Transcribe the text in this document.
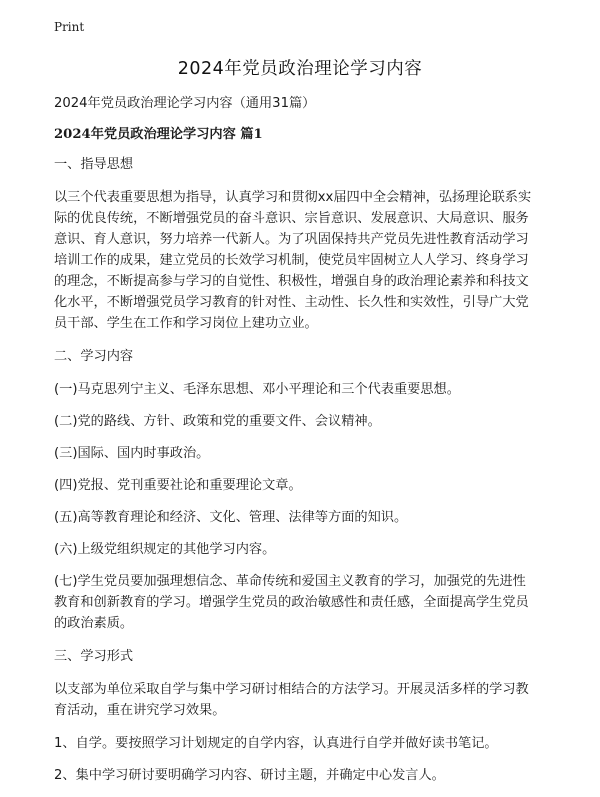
Print
2024年党员政治理论学习内容

2024年党员政治理论学习内容（通用31篇）

2024年党员政治理论学习内容 篇1

一、指导思想

以三个代表重要思想为指导，认真学习和贯彻xx届四中全会精神，弘扬理论联系实
际的优良传统，不断增强党员的奋斗意识、宗旨意识、发展意识、大局意识、服务
意识、育人意识，努力培养一代新人。为了巩固保持共产党员先进性教育活动学习
培训工作的成果，建立党员的长效学习机制，使党员牢固树立人人学习、终身学习
的理念，不断提高参与学习的自觉性、积极性，增强自身的政治理论素养和科技文
化水平，不断增强党员学习教育的针对性、主动性、长久性和实效性，引导广大党
员干部、学生在工作和学习岗位上建功立业。

二、学习内容

(一)马克思列宁主义、毛泽东思想、邓小平理论和三个代表重要思想。

(二)党的路线、方针、政策和党的重要文件、会议精神。

(三)国际、国内时事政治。

(四)党报、党刊重要社论和重要理论文章。

(五)高等教育理论和经济、文化、管理、法律等方面的知识。

(六)上级党组织规定的其他学习内容。

(七)学生党员要加强理想信念、革命传统和爱国主义教育的学习，加强党的先进性
教育和创新教育的学习。增强学生党员的政治敏感性和责任感，全面提高学生党员
的政治素质。

三、学习形式

以支部为单位采取自学与集中学习研讨相结合的方法学习。开展灵活多样的学习教
育活动，重在讲究学习效果。

1、自学。要按照学习计划规定的自学内容，认真进行自学并做好读书笔记。

2、集中学习研讨要明确学习内容、研讨主题，并确定中心发言人。
